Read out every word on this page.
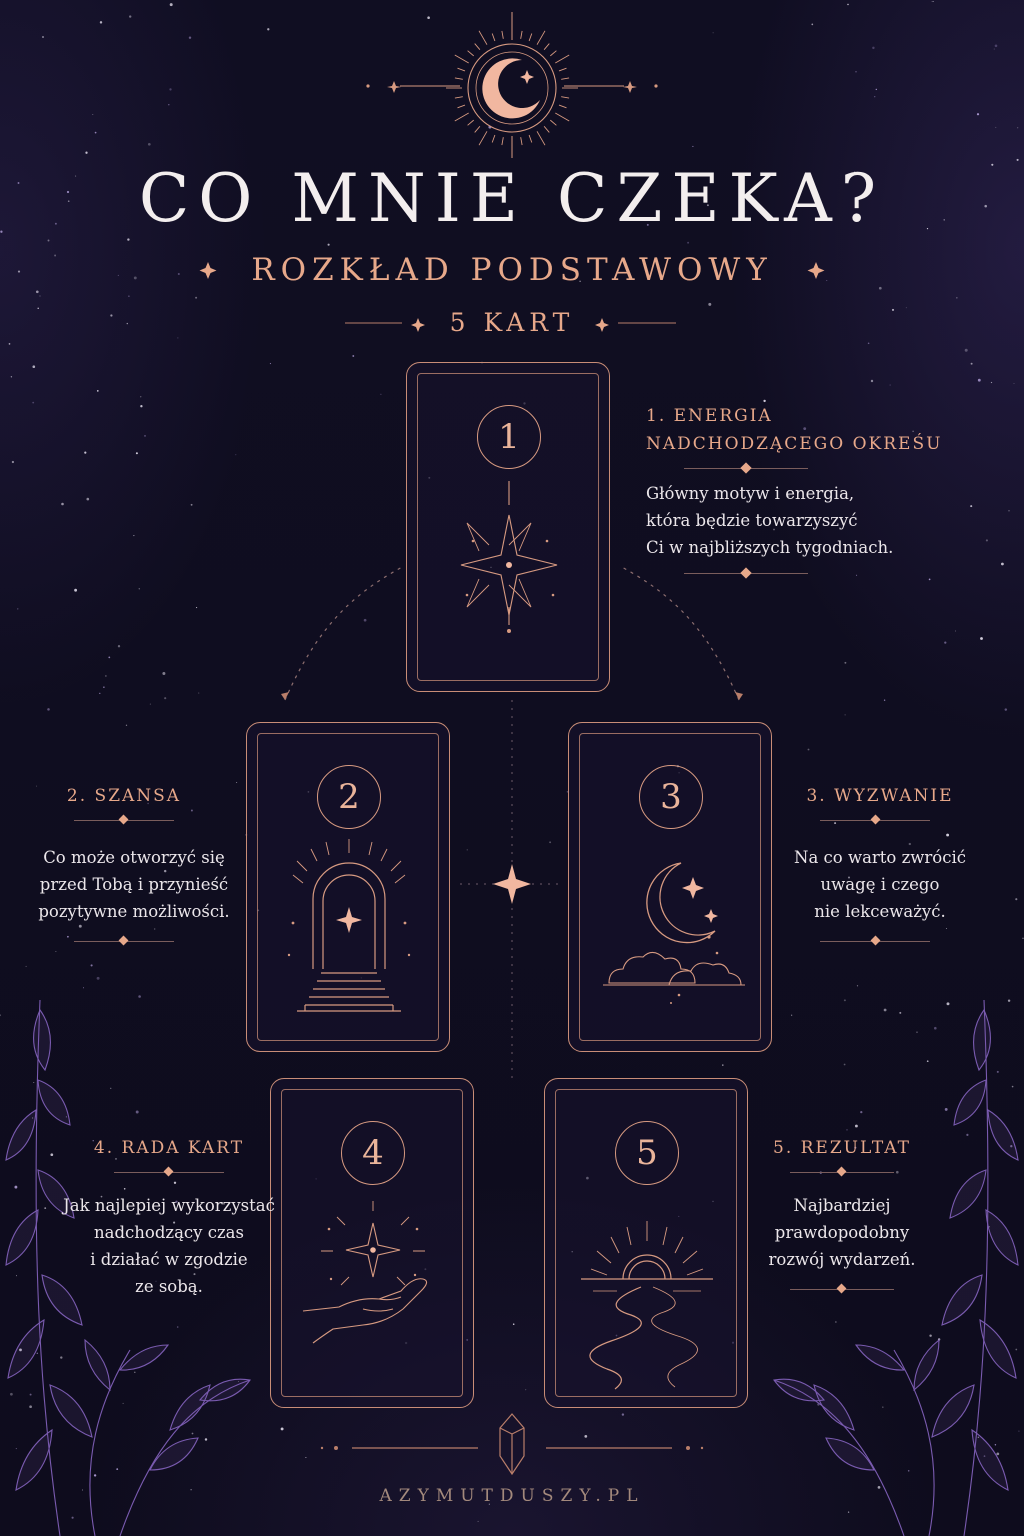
CO MNIE CZEKA?
ROZKŁAD PODSTAWOWY
5 KART
1
2	3
4	5
1. ENERGIA
NADCHODZĄCEGO OKREŚU
Główny motyw i energia,
która będzie towarzyszyć
Ci w najbliższych tygodniach.
2. SZANSA
Co może otworzyć się
przed Tobą i przynieść
pozytywne możliwości.
3. WYZWANIE
Na co warto zwrócić
uwagę i czego
nie lekceważyć.
4. RADA KART
Jak najlepiej wykorzystać
nadchodzący czas
i działać w zgodzie
ze sobą.
5. REZULTAT
Najbardziej
prawdopodobny
rozwój wydarzeń.
AZYMUTDUSZY.PL
